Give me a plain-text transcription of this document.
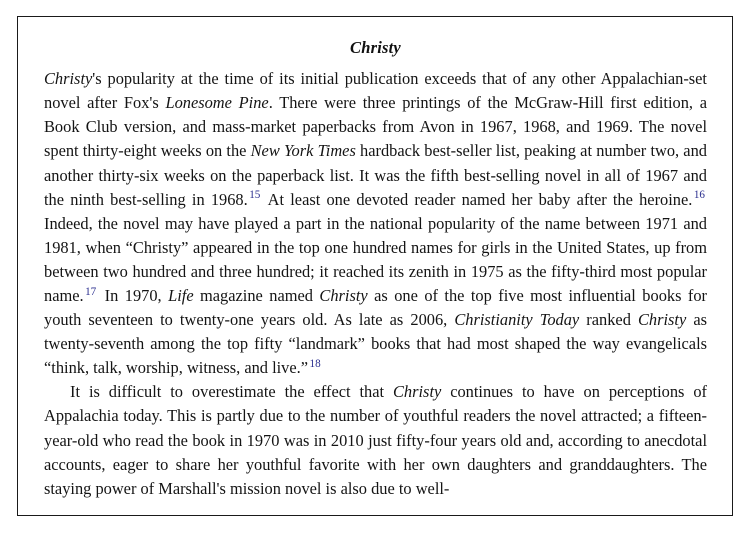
Christy

Christy's popularity at the time of its initial publication exceeds that of any other Appalachian-set novel after Fox's Lonesome Pine. There were three printings of the McGraw-Hill first edition, a Book Club version, and mass-market paperbacks from Avon in 1967, 1968, and 1969. The novel spent thirty-eight weeks on the New York Times hardback best-seller list, peaking at number two, and another thirty-six weeks on the paperback list. It was the fifth best-selling novel in all of 1967 and the ninth best-selling in 1968. $^{15}$ At least one devoted reader named her baby after the heroine. $^{16}$ Indeed, the novel may have played a part in the national popularity of the name between 1971 and 1981, when “Christy” appeared in the top one hundred names for girls in the United States, up from between two hundred and three hundred; it reached its zenith in 1975 as the fifty-third most popular name. $^{17}$ In 1970, Life magazine named Christy as one of the top five most influential books for youth seventeen to twenty-one years old. As late as 2006, Christianity Today ranked Christy as twenty-seventh among the top fifty “landmark” books that had most shaped the way evangelicals “think, talk, worship, witness, and live.” $^{18}$

It is difficult to overestimate the effect that Christy continues to have on perceptions of Appalachia today. This is partly due to the number of youthful readers the novel attracted; a fifteen-year-old who read the book in 1970 was in 2010 just fifty-four years old and, according to anecdotal accounts, eager to share her youthful favorite with her own daughters and granddaughters. The staying power of Marshall's mission novel is also due to well-
